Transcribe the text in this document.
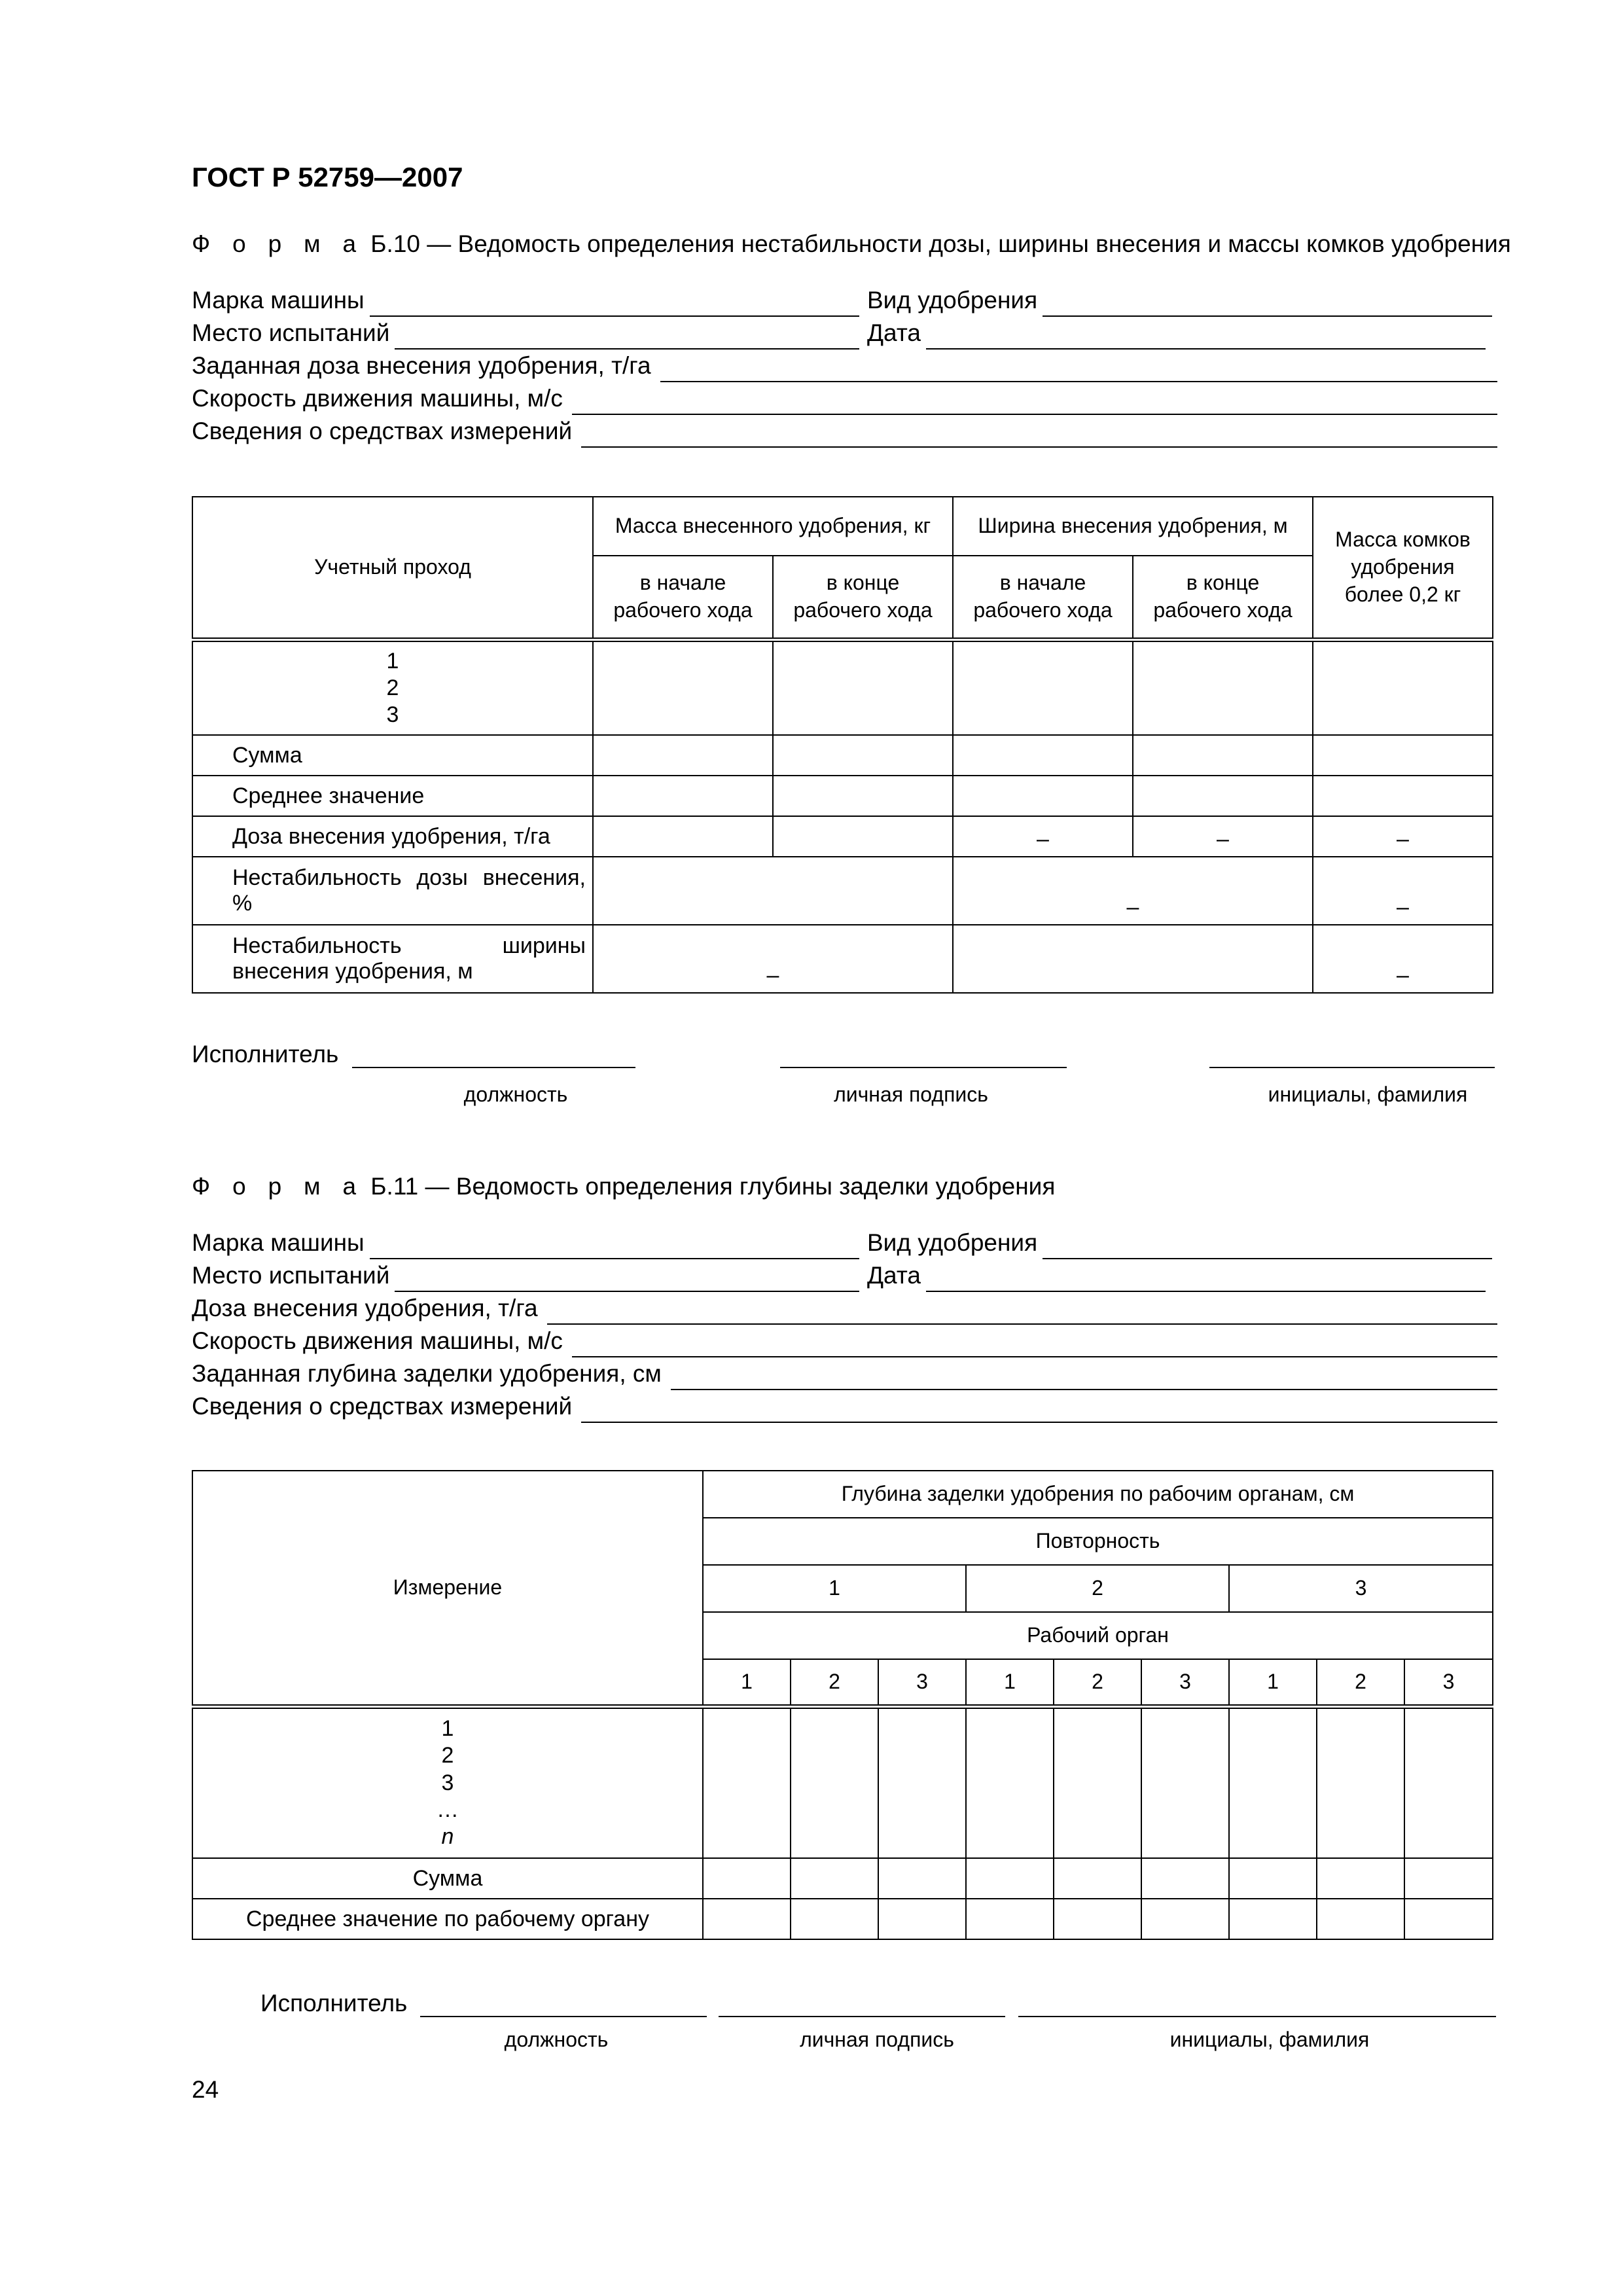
ГОСТ Р 52759—2007
Ф о р м а Б.10 — Ведомость определения нестабильности дозы, ширины внесения и массы комков удобрения
Марка машины	Вид удобрения
Место испытаний	Дата
Заданная доза внесения удобрения, т/га
Скорость движения машины, м/с
Сведения о средствах измерений
Учетный проход	Масса внесенного удобрения, кг		Ширина внесения удобрения, м		Масса комков удобрения более 0,2 кг
	в начале рабочего хода	в конце рабочего хода	в начале рабочего хода	в конце рабочего хода	

1
2
3					

Сумма					
Среднее значение					
Доза внесения удобрения, т/га			–	–	–
Нестабильность дозы внесения, %			–		–
Нестабильность ширины внесения удобрения, м	–				–
Исполнитель
должность	личная подпись	инициалы, фамилия
Ф о р м а Б.11 — Ведомость определения глубины заделки удобрения
Марка машины	Вид удобрения
Место испытаний	Дата
Доза внесения удобрения, т/га
Скорость движения машины, м/с
Заданная глубина заделки удобрения, см
Сведения о средствах измерений
Измерение	Глубина заделки удобрения по рабочим органам, см								
	Повторность								
	1			2			3		
	Рабочий орган								
	1	2	3	1	2	3	1	2	3

1
2
3
…
n									

Сумма									
Среднее значение по рабочему органу									
Исполнитель
должность	личная подпись	инициалы, фамилия
24
